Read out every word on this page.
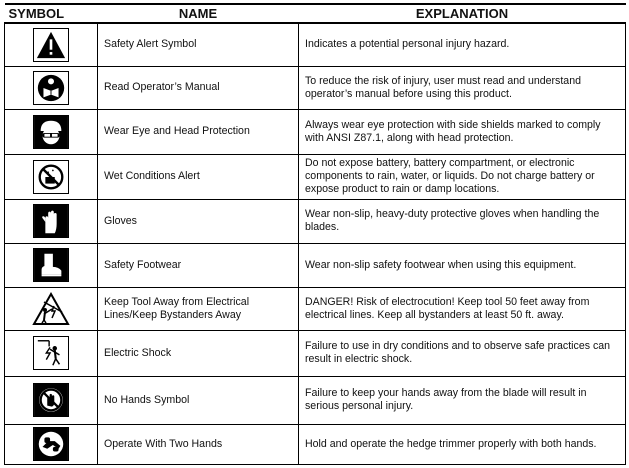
SYMBOL	NAME	EXPLANATION

	Safety Alert Symbol	Indicates a potential personal injury hazard.

	Read Operator’s Manual	To reduce the risk of injury, user must read and understand operator’s manual before using this product.

	Wear Eye and Head Protection	Always wear eye protection with side shields marked to comply with ANSI Z87.1, along with head protection.

	Wet Conditions Alert	Do not expose battery, battery compartment, or electronic components to rain, water, or liquids. Do not charge battery or expose product to rain or damp locations.

	Gloves	Wear non-slip, heavy-duty protective gloves when handling the blades.

	Safety Footwear	Wear non-slip safety footwear when using this equipment.

	Keep Tool Away from Electrical Lines/Keep Bystanders Away	DANGER! Risk of electrocution! Keep tool 50 feet away from electrical lines. Keep all bystanders at least 50 ft. away.

	Electric Shock	Failure to use in dry conditions and to observe safe practices can result in electric shock.

	No Hands Symbol	Failure to keep your hands away from the blade will result in serious personal injury.

	Operate With Two Hands	Hold and operate the hedge trimmer properly with both hands.
